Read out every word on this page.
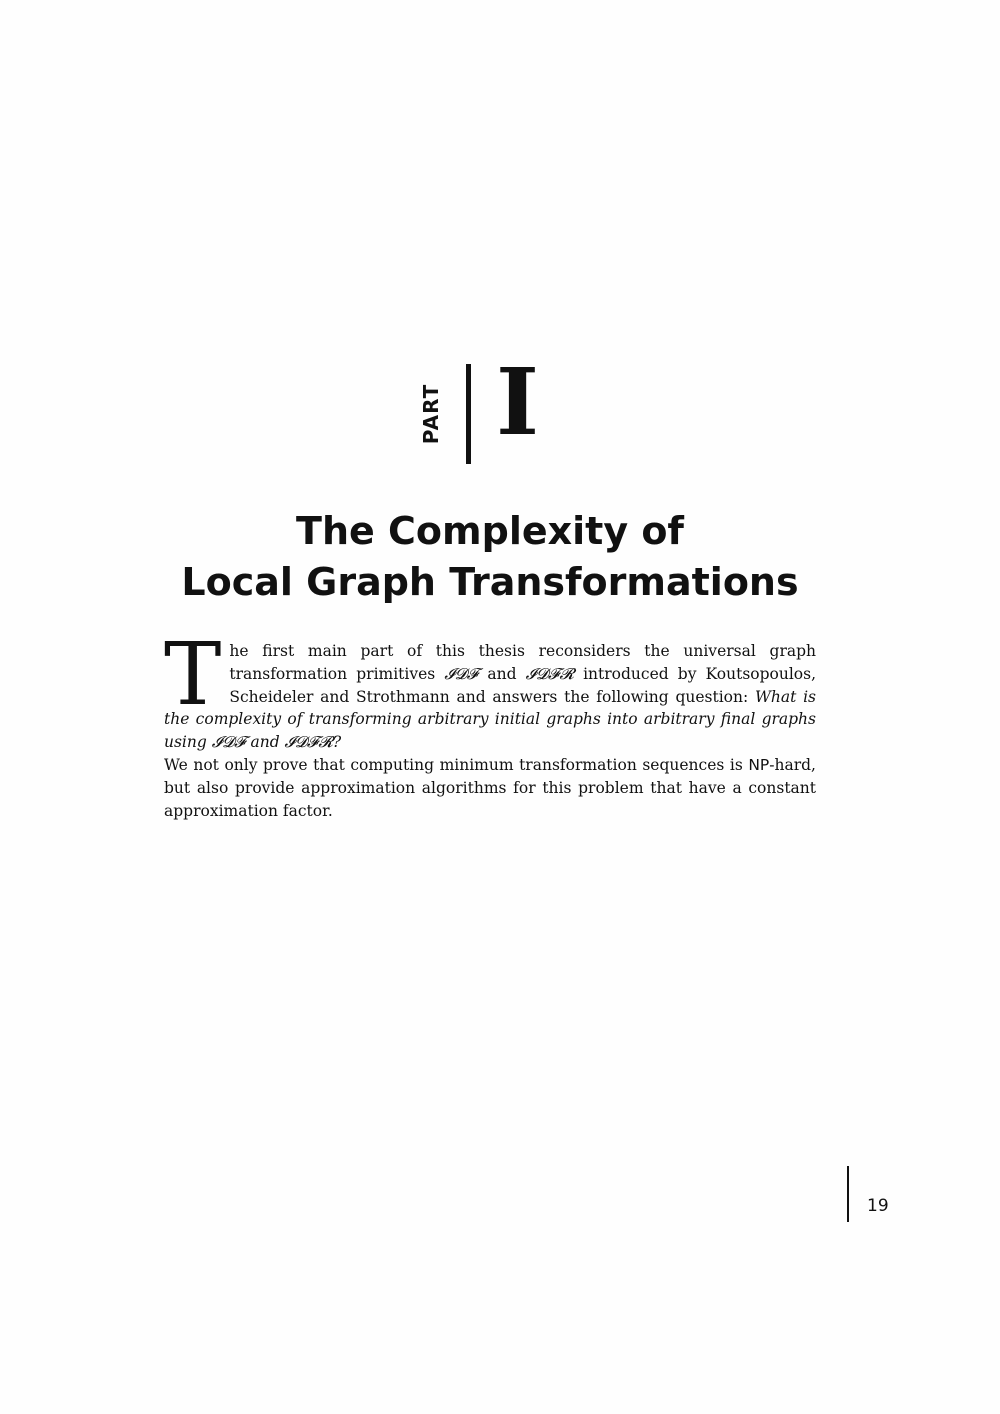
PART I
The Complexity of
Local Graph Transformations

The first main part of this thesis reconsiders the universal graph transformation primitives 𝓘𝓓𝓕 and 𝓘𝓓𝓕𝓡 introduced by Koutsopoulos, Scheideler and Strothmann and answers the following question: What is the complexity of transforming arbitrary initial graphs into arbitrary final graphs using 𝓘𝓓𝓕 and 𝓘𝓓𝓕𝓡?

We not only prove that computing minimum transformation sequences is NP-hard, but also provide approximation algorithms for this problem that have a constant approximation factor.

19
